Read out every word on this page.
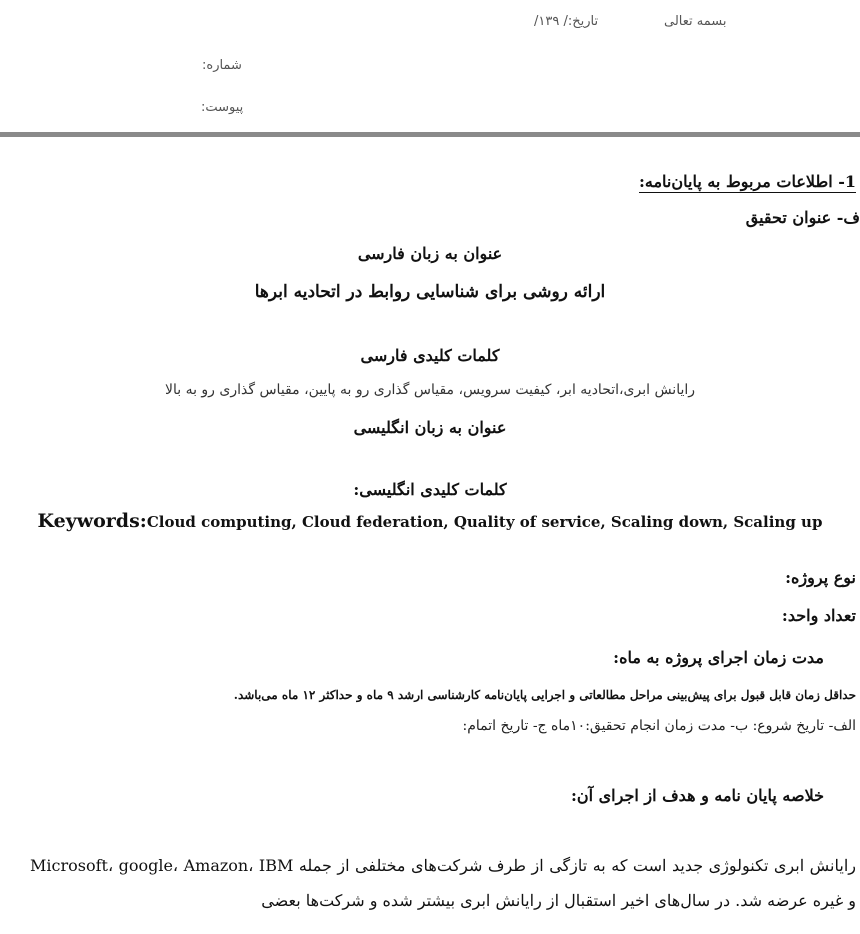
بسمه تعالی
تاریخ:/ ۱۳۹/
شماره:
پیوست:
1- اطلاعات مربوط به پایان‌نامه:
ف- عنوان تحقیق
عنوان به زبان فارسی
ارائه روشی برای شناسایی روابط در اتحادیه ابرها
کلمات کلیدی فارسی
رایانش ابری،اتحادیه ابر، کیفیت سرویس، مقیاس گذاری رو به پایین، مقیاس گذاری رو به بالا
عنوان به زبان انگلیسی
کلمات کلیدی انگلیسی:
Keywords:Cloud computing, Cloud federation, Quality of service, Scaling down, Scaling up
نوع پروژه:
تعداد واحد:
مدت زمان اجرای پروژه به ماه:
حداقل زمان قابل قبول برای پیش‌بینی مراحل مطالعاتی و اجرایی پایان‌نامه کارشناسی ارشد ۹ ماه و حداکثر ۱۲ ماه می‌باشد.
الف- تاریخ شروع: ب- مدت زمان انجام تحقیق:۱۰ماه ج- تاریخ اتمام:
خلاصه پایان نامه و هدف از اجرای آن:
رایانش ابری تکنولوژی جدید است که به تازگی از طرف شرکت‌های مختلفی از جمله Microsoft، google، Amazon، IBM و غیره عرضه شد. در سال‌های اخیر استقبال از رایانش ابری بیشتر شده و شرکت‌ها بعضی
